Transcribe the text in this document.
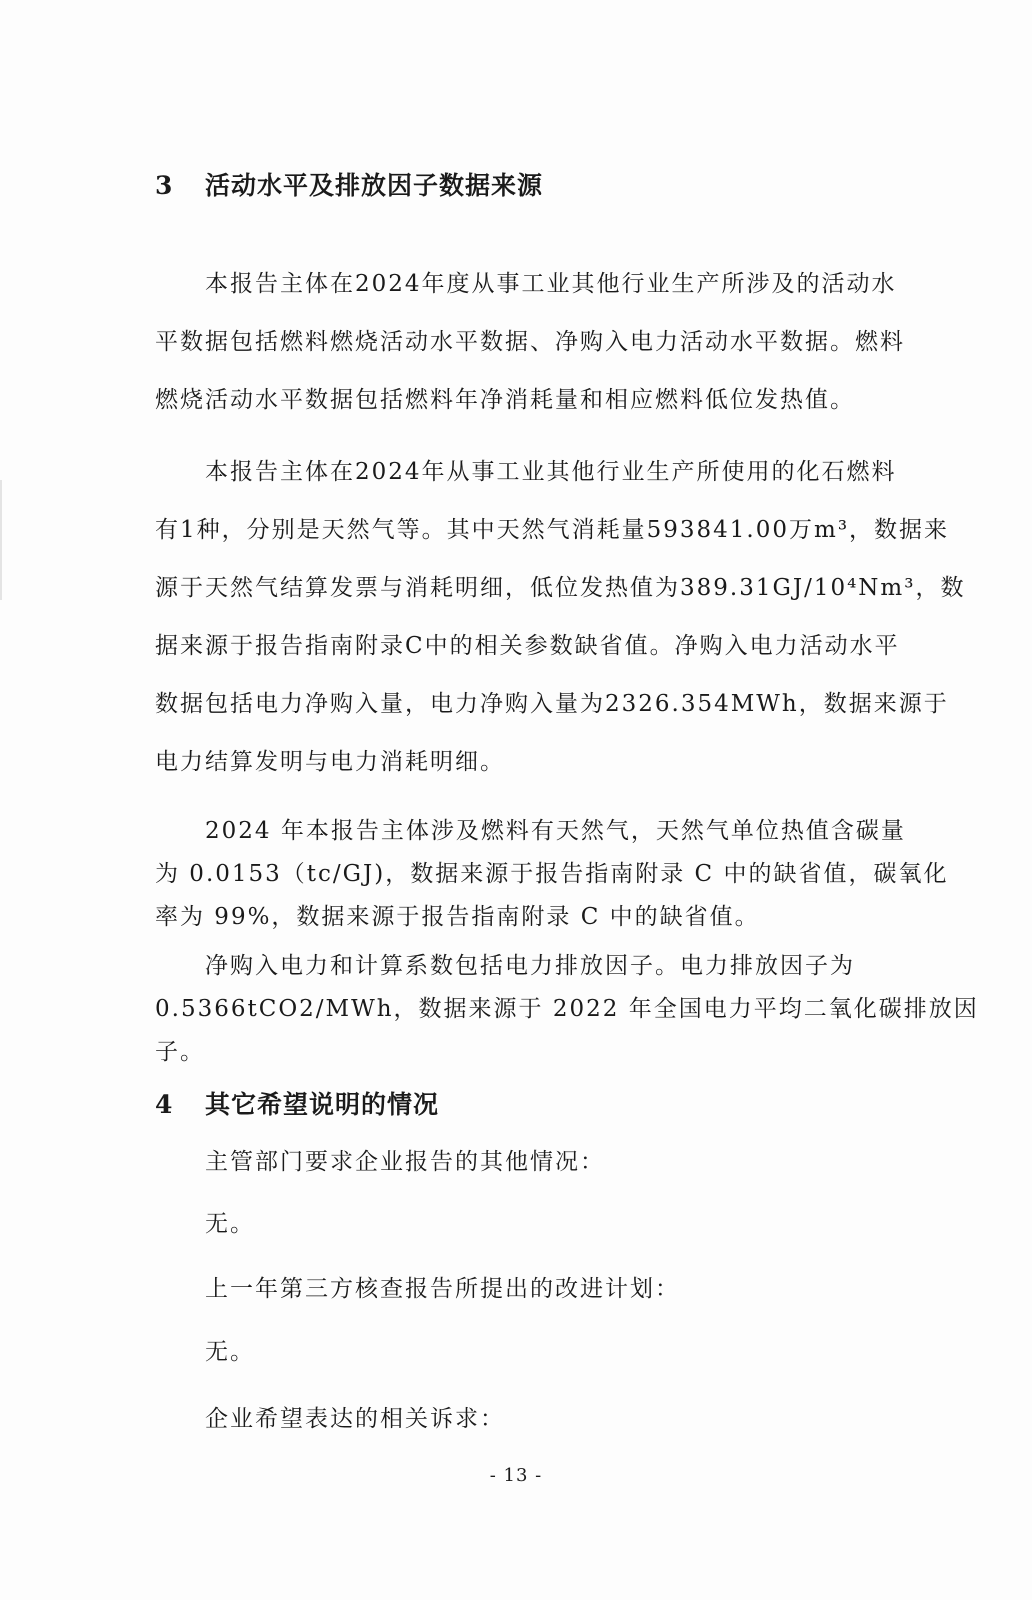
3 活动水平及排放因子数据来源
　　本报告主体在2024年度从事工业其他行业生产所涉及的活动水
平数据包括燃料燃烧活动水平数据、净购入电力活动水平数据。燃料
燃烧活动水平数据包括燃料年净消耗量和相应燃料低位发热值。
　　本报告主体在2024年从事工业其他行业生产所使用的化石燃料
有1种，分别是天然气等。其中天然气消耗量593841.00万m³，数据来
源于天然气结算发票与消耗明细，低位发热值为389.31GJ/10⁴Nm³，数
据来源于报告指南附录C中的相关参数缺省值。净购入电力活动水平
数据包括电力净购入量，电力净购入量为2326.354MWh，数据来源于
电力结算发明与电力消耗明细。
　　2024 年本报告主体涉及燃料有天然气，天然气单位热值含碳量
为 0.0153（tc/GJ)，数据来源于报告指南附录 C 中的缺省值，碳氧化
率为 99%，数据来源于报告指南附录 C 中的缺省值。
　　净购入电力和计算系数包括电力排放因子。电力排放因子为
0.5366tCO2/MWh，数据来源于 2022 年全国电力平均二氧化碳排放因
子。
4 其它希望说明的情况
主管部门要求企业报告的其他情况：
无。
上一年第三方核查报告所提出的改进计划：
无。
企业希望表达的相关诉求：
- 13 -
